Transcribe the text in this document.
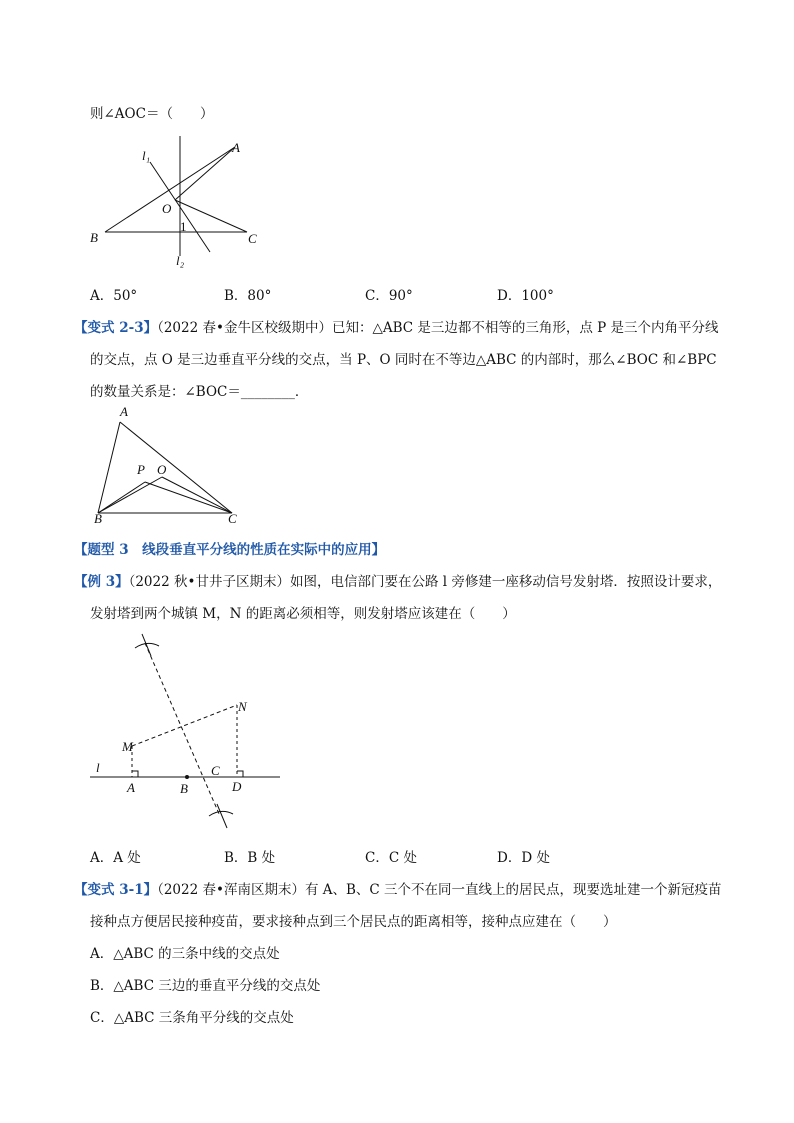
则∠AOC＝（　　）
l₁
A
O
1
B	C
l₂
A．50°	B．80°	C．90°	D．100°
【变式 2-3】（2022 春•金牛区校级期中）已知：△ABC 是三边都不相等的三角形，点 P 是三个内角平分线
的交点，点 O 是三边垂直平分线的交点，当 P、O 同时在不等边△ABC 的内部时，那么∠BOC 和∠BPC
的数量关系是：∠BOC＝________．
A
P O
B	C
【题型 3　线段垂直平分线的性质在实际中的应用】
【例 3】（2022 秋•甘井子区期末）如图，电信部门要在公路 l 旁修建一座移动信号发射塔．按照设计要求，
发射塔到两个城镇 M，N 的距离必须相等，则发射塔应该建在（　　）
l
M
N
A	B
C
D
A．A 处	B．B 处	C．C 处	D．D 处
【变式 3-1】（2022 春•浑南区期末）有 A、B、C 三个不在同一直线上的居民点，现要选址建一个新冠疫苗
接种点方便居民接种疫苗，要求接种点到三个居民点的距离相等，接种点应建在（　　）
A．△ABC 的三条中线的交点处
B．△ABC 三边的垂直平分线的交点处
C．△ABC 三条角平分线的交点处
